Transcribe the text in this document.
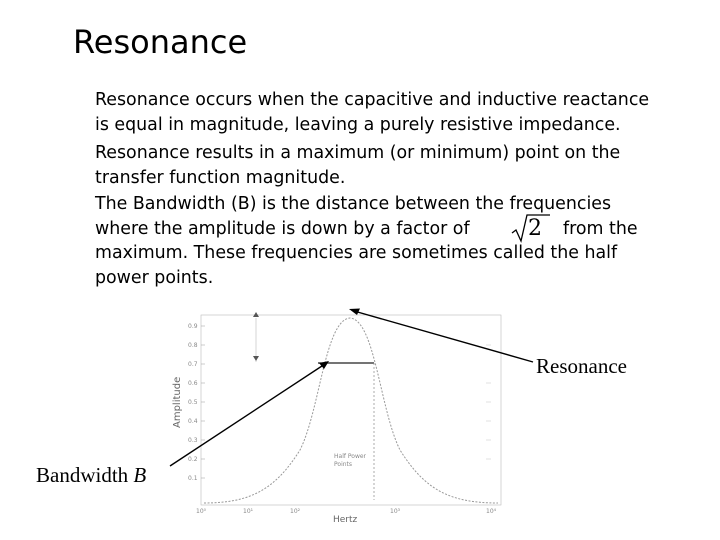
Resonance
Resonance occurs when the capacitive and inductive reactance
is equal in magnitude, leaving a purely resistive impedance.
Resonance results in a maximum (or minimum) point on the
transfer function magnitude.
The Bandwidth (B) is the distance between the frequencies
where the amplitude is down by a factor of
maximum. These frequencies are sometimes called the half
power points.
from the
2
0.9
0.8
0.7
0.6
0.5
0.4
0.3
0.2
0.1
10⁰	10¹	10²	10³	10⁴
Amplitude
Hertz
Half Power
Points
Resonance
Bandwidth B
